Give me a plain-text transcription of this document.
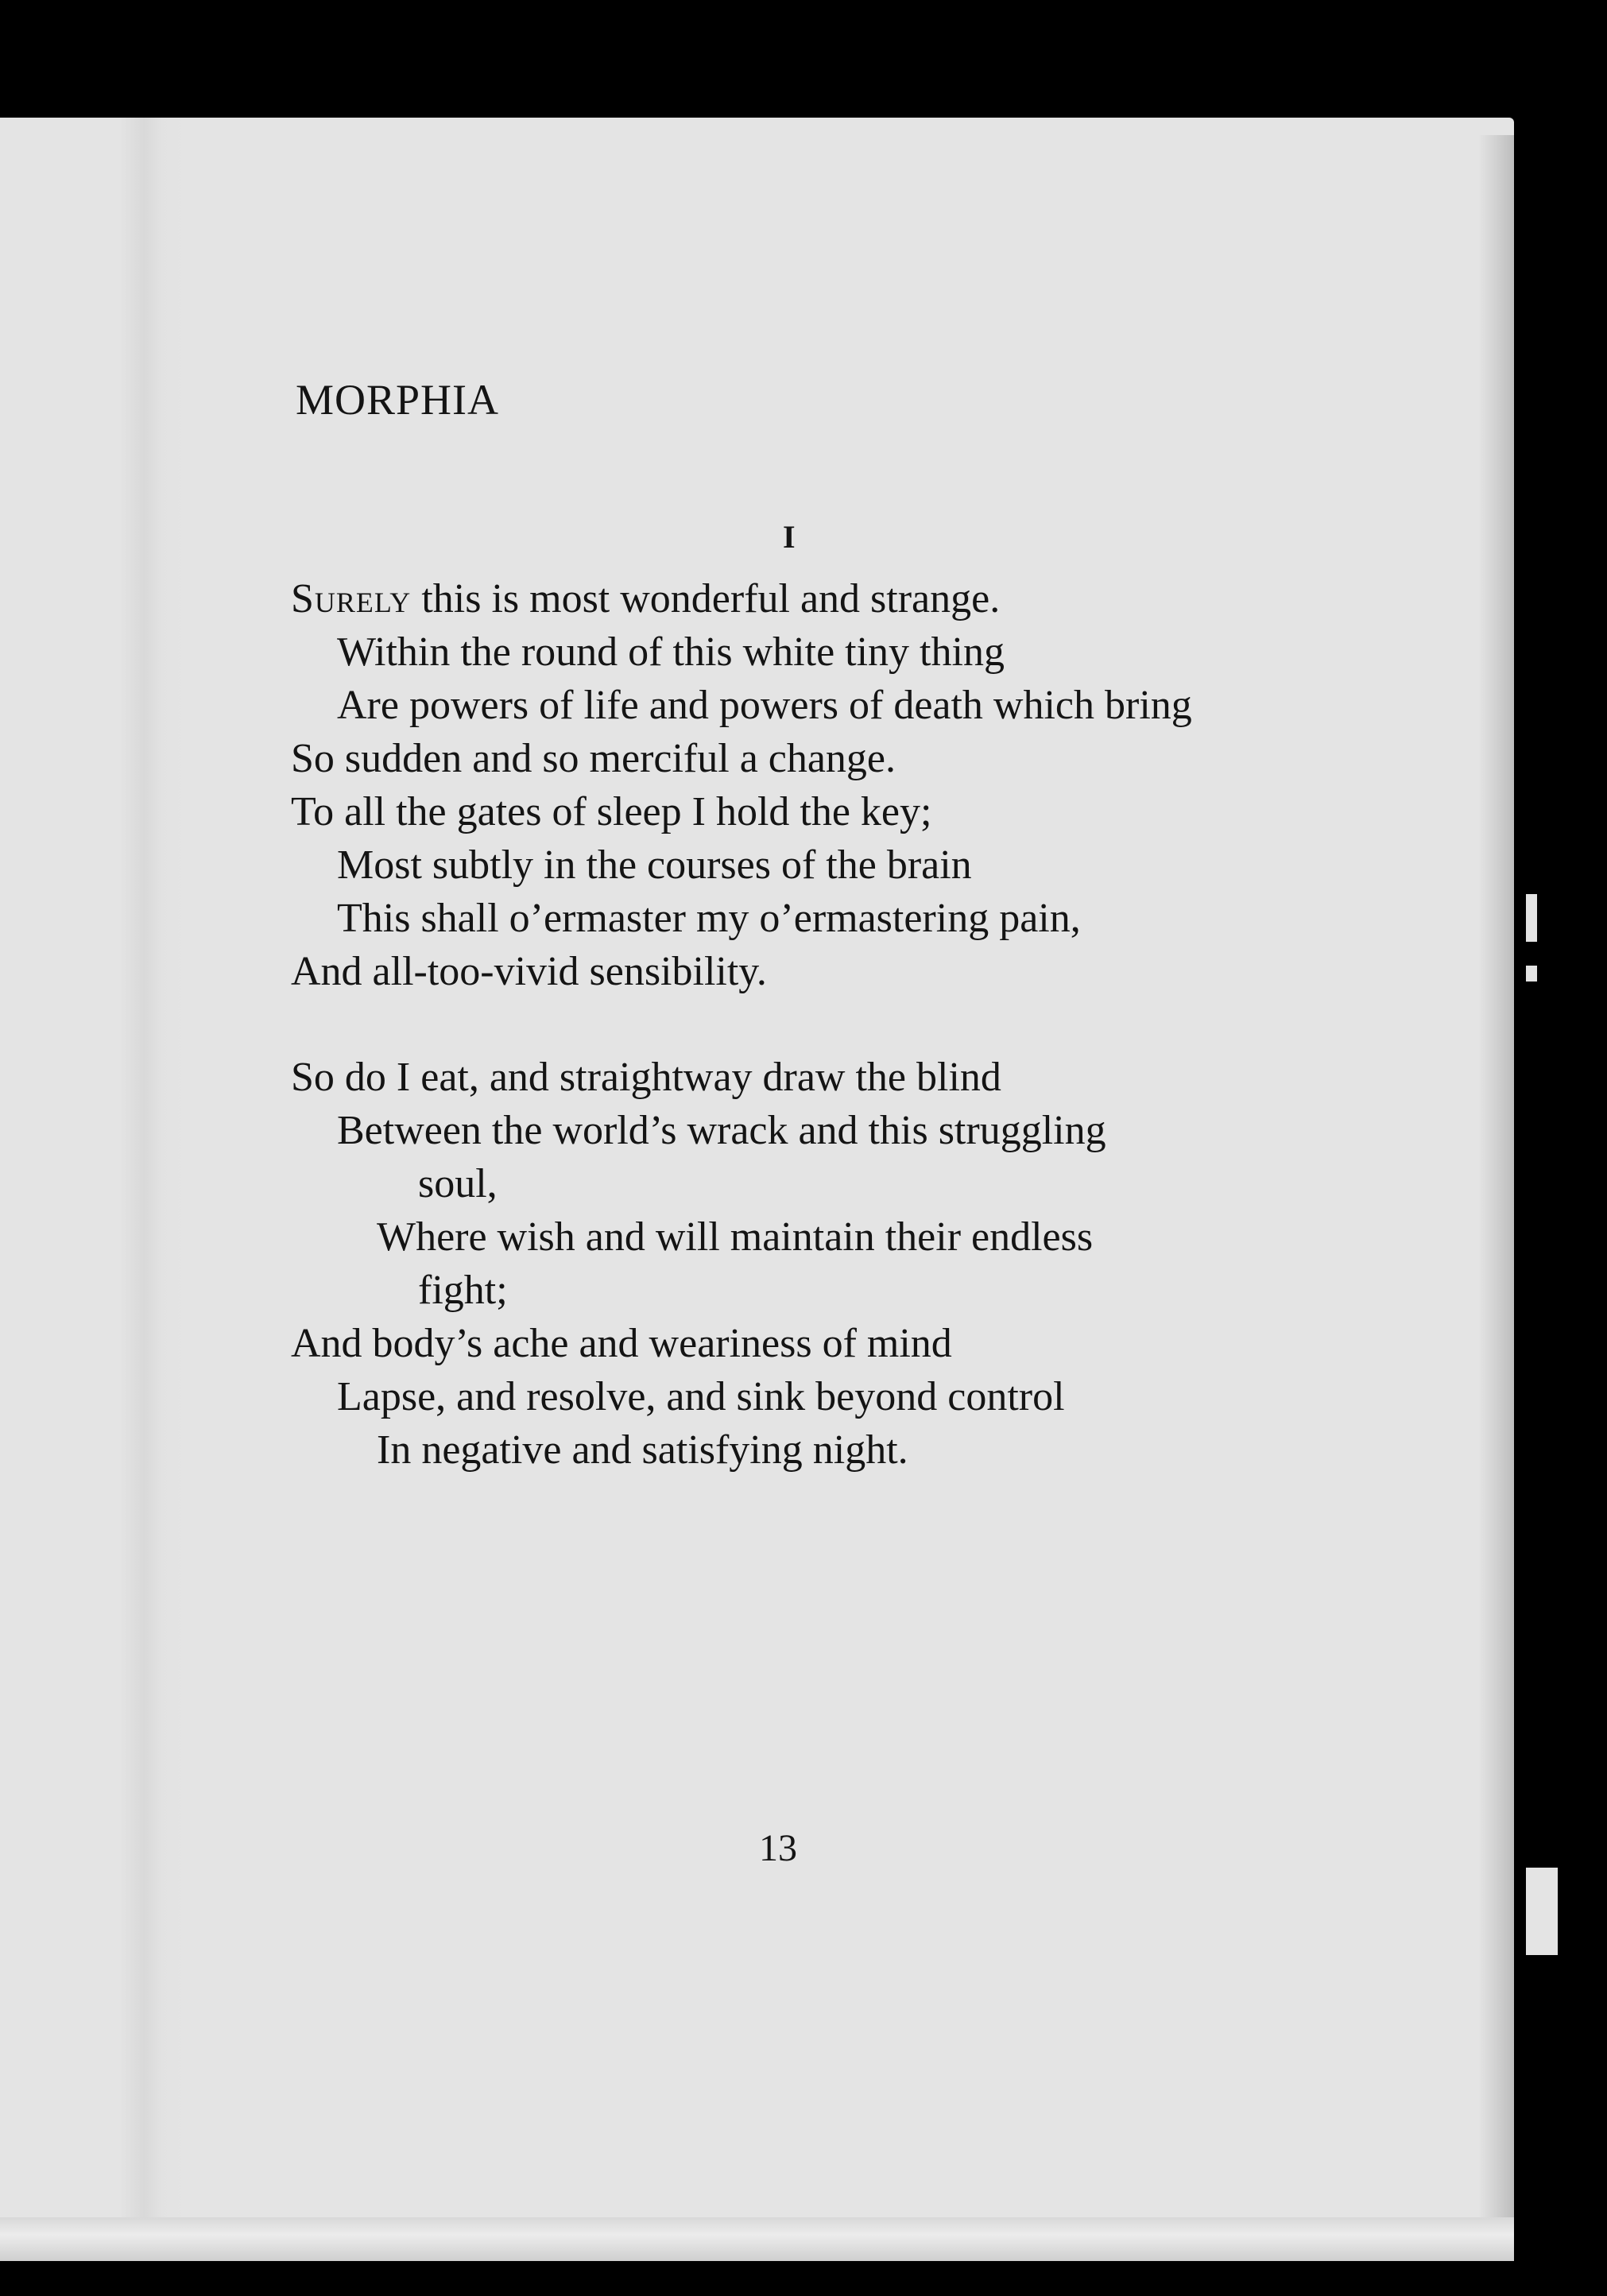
MORPHIA
I
Surely this is most wonderful and strange.
Within the round of this white tiny thing
Are powers of life and powers of death which bring
So sudden and so merciful a change.
To all the gates of sleep I hold the key;
Most subtly in the courses of the brain
This shall o’ermaster my o’ermastering pain,
And all-too-vivid sensibility.
So do I eat, and straightway draw the blind
Between the world’s wrack and this struggling
soul,
Where wish and will maintain their endless
fight;
And body’s ache and weariness of mind
Lapse, and resolve, and sink beyond control
In negative and satisfying night.
13
